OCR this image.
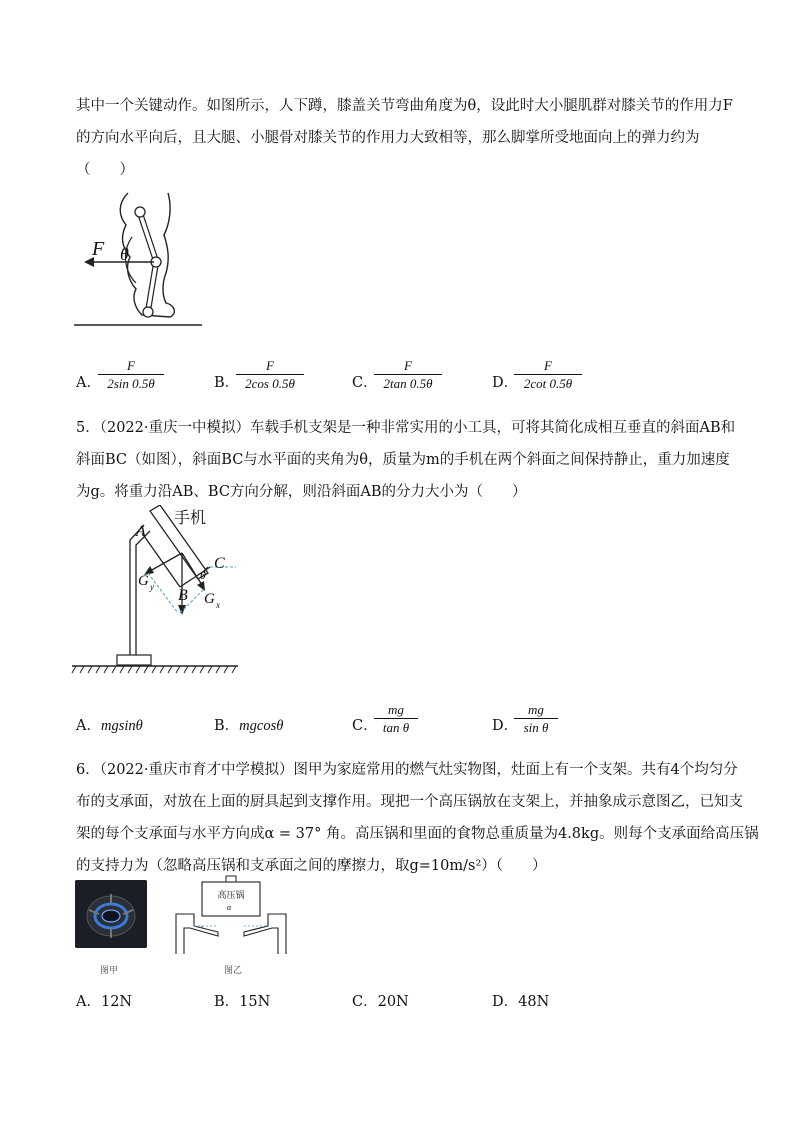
其中一个关键动作。如图所示，人下蹲，膝盖关节弯曲角度为θ，设此时大小腿肌群对膝关节的作用力F
的方向水平向后，且大腿、小腿骨对膝关节的作用力大致相等，那么脚掌所受地面向上的弹力约为
（　　）
F θ
A．
$\frac{F}{2\sin 0.5\theta}$	B．
$\frac{F}{2\cos 0.5\theta}$	C．
$\frac{F}{2\tan 0.5\theta}$	D．
$\frac{F}{2\cot 0.5\theta}$
5．（2022·重庆一中模拟）车载手机支架是一种非常实用的小工具，可将其简化成相互垂直的斜面AB和
斜面BC（如图），斜面BC与水平面的夹角为θ，质量为m的手机在两个斜面之间保持静止，重力加速度
为g。将重力沿AB、BC方向分解，则沿斜面AB的分力大小为（　　）
手机
A
B
C
θ
G y
G x
A．mgsinθ	B．mgcosθ	C．
$\frac{mg}{\text{tan θ}}$	D．
$\frac{mg}{\text{sin θ}}$
6．（2022·重庆市育才中学模拟）图甲为家庭常用的燃气灶实物图，灶面上有一个支架。共有4个均匀分
布的支承面，对放在上面的厨具起到支撑作用。现把一个高压锅放在支架上，并抽象成示意图乙，已知支
架的每个支承面与水平方向成α = 37° 角。高压锅和里面的食物总重质量为4.8kg。则每个支承面给高压锅
的支持力为（忽略高压锅和支承面之间的摩擦力，取g=10m/s²）（　　）
图甲
高压锅
α
图乙
A．12N	B．15N	C．20N	D．48N
